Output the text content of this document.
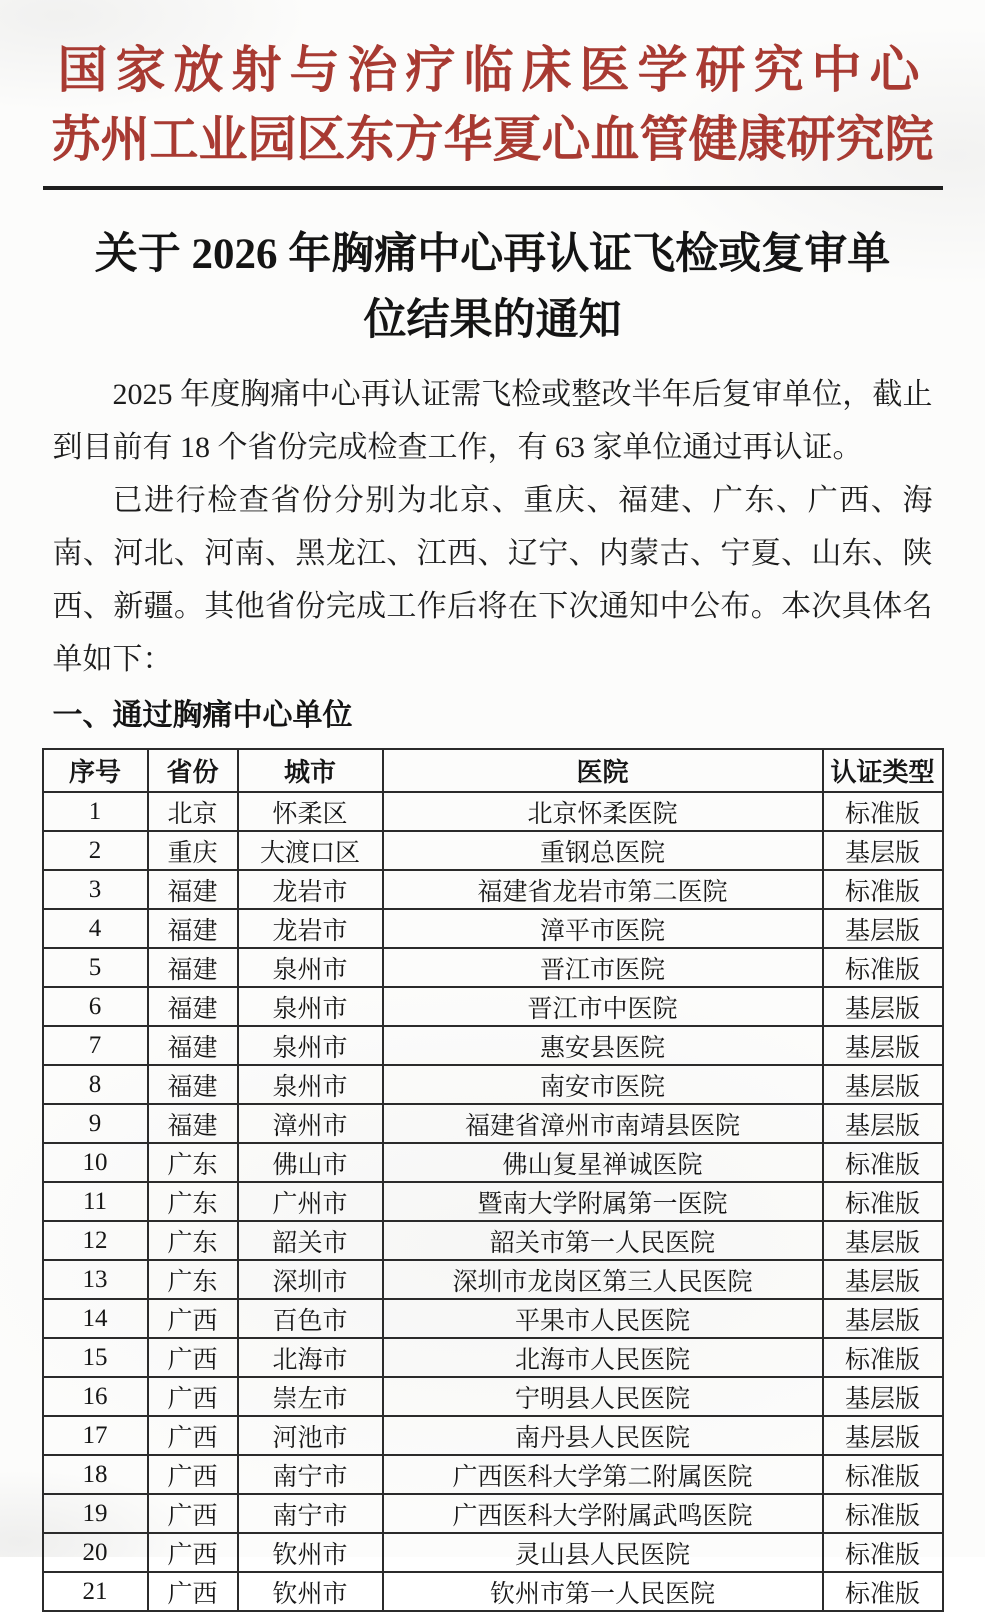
国家放射与治疗临床医学研究中心
苏州工业园区东方华夏心血管健康研究院
关于 2026 年胸痛中心再认证飞检或复审单
位结果的通知

2025 年度胸痛中心再认证需飞检或整改半年后复审单位，截止到目前有 18 个省份完成检查工作，有 63 家单位通过再认证。

已进行检查省份分别为北京、重庆、福建、广东、广西、海南、河北、河南、黑龙江、江西、辽宁、内蒙古、宁夏、山东、陕西、新疆。其他省份完成工作后将在下次通知中公布。本次具体名单如下：

一、通过胸痛中心单位
序号	省份	城市	医院	认证类型
1	北京	怀柔区	北京怀柔医院	标准版
2	重庆	大渡口区	重钢总医院	基层版
3	福建	龙岩市	福建省龙岩市第二医院	标准版
4	福建	龙岩市	漳平市医院	基层版
5	福建	泉州市	晋江市医院	标准版
6	福建	泉州市	晋江市中医院	基层版
7	福建	泉州市	惠安县医院	基层版
8	福建	泉州市	南安市医院	基层版
9	福建	漳州市	福建省漳州市南靖县医院	基层版
10	广东	佛山市	佛山复星禅诚医院	标准版
11	广东	广州市	暨南大学附属第一医院	标准版
12	广东	韶关市	韶关市第一人民医院	基层版
13	广东	深圳市	深圳市龙岗区第三人民医院	基层版
14	广西	百色市	平果市人民医院	基层版
15	广西	北海市	北海市人民医院	标准版
16	广西	崇左市	宁明县人民医院	基层版
17	广西	河池市	南丹县人民医院	基层版
18	广西	南宁市	广西医科大学第二附属医院	标准版
19	广西	南宁市	广西医科大学附属武鸣医院	标准版
20	广西	钦州市	灵山县人民医院	标准版
21	广西	钦州市	钦州市第一人民医院	标准版
